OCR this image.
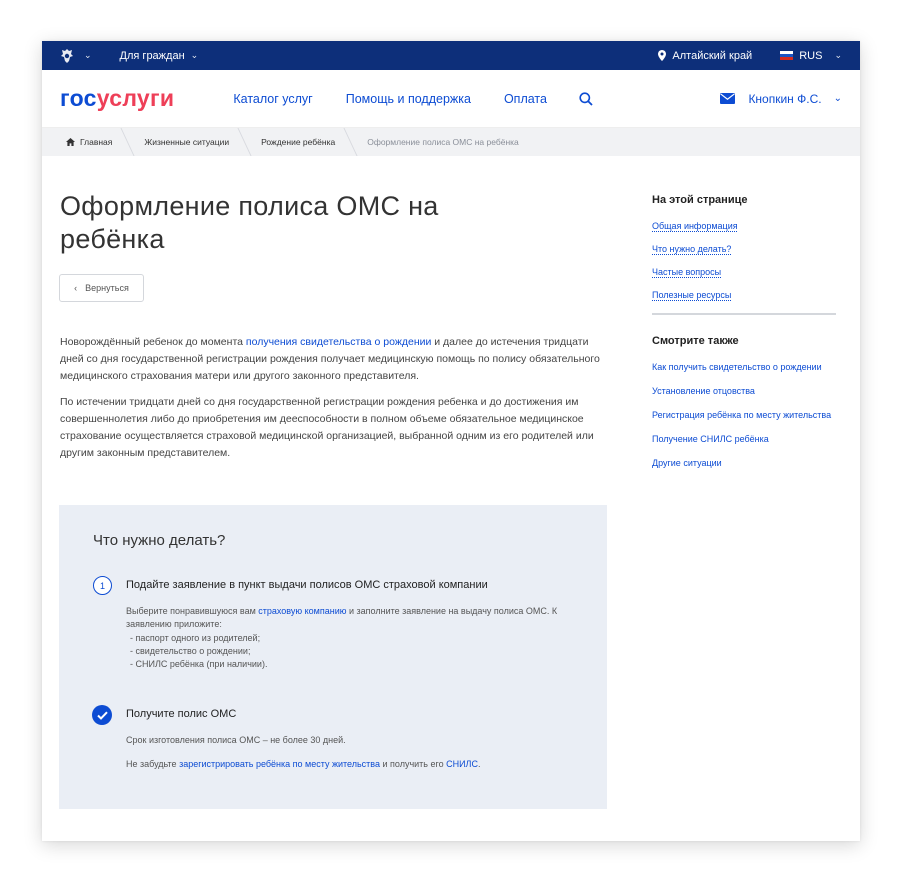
⌄	Для граждан ⌄	Алтайский край	RUS ⌄
госуслуги	Каталог услуг	Помощь и поддержка	Оплата	Кнопкин Ф.С. ⌄
Главная	Жизненные ситуации	Рождение ребёнка	Оформление полиса ОМС на ребёнка
Оформление полиса ОМС на ребёнка
‹ Вернуться

Новорождённый ребенок до момента получения свидетельства о рождении и далее до истечения тридцати дней со дня государственной регистрации рождения получает медицинскую помощь по полису обязательного медицинского страхования матери или другого законного представителя.

По истечении тридцати дней со дня государственной регистрации рождения ребенка и до достижения им совершеннолетия либо до приобретения им дееспособности в полном объеме обязательное медицинское страхование осуществляется страховой медицинской организацией, выбранной одним из его родителей или другим законным представителем.

Что нужно делать?
1	Подайте заявление в пункт выдачи полисов ОМС страховой компании
Выберите понравившуюся вам страховую компанию и заполните заявление на выдачу полиса ОМС. К заявлению приложите:
- паспорт одного из родителей;
- свидетельство о рождении;
- СНИЛС ребёнка (при наличии).
Получите полис ОМС
Срок изготовления полиса ОМС – не более 30 дней.
Не забудьте зарегистрировать ребёнка по месту жительства и получить его СНИЛС.
На этой странице
Общая информация
Что нужно делать?
Частые вопросы
Полезные ресурсы
Смотрите также
Как получить свидетельство о рождении
Установление отцовства
Регистрация ребёнка по месту жительства
Получение СНИЛС ребёнка
Другие ситуации
